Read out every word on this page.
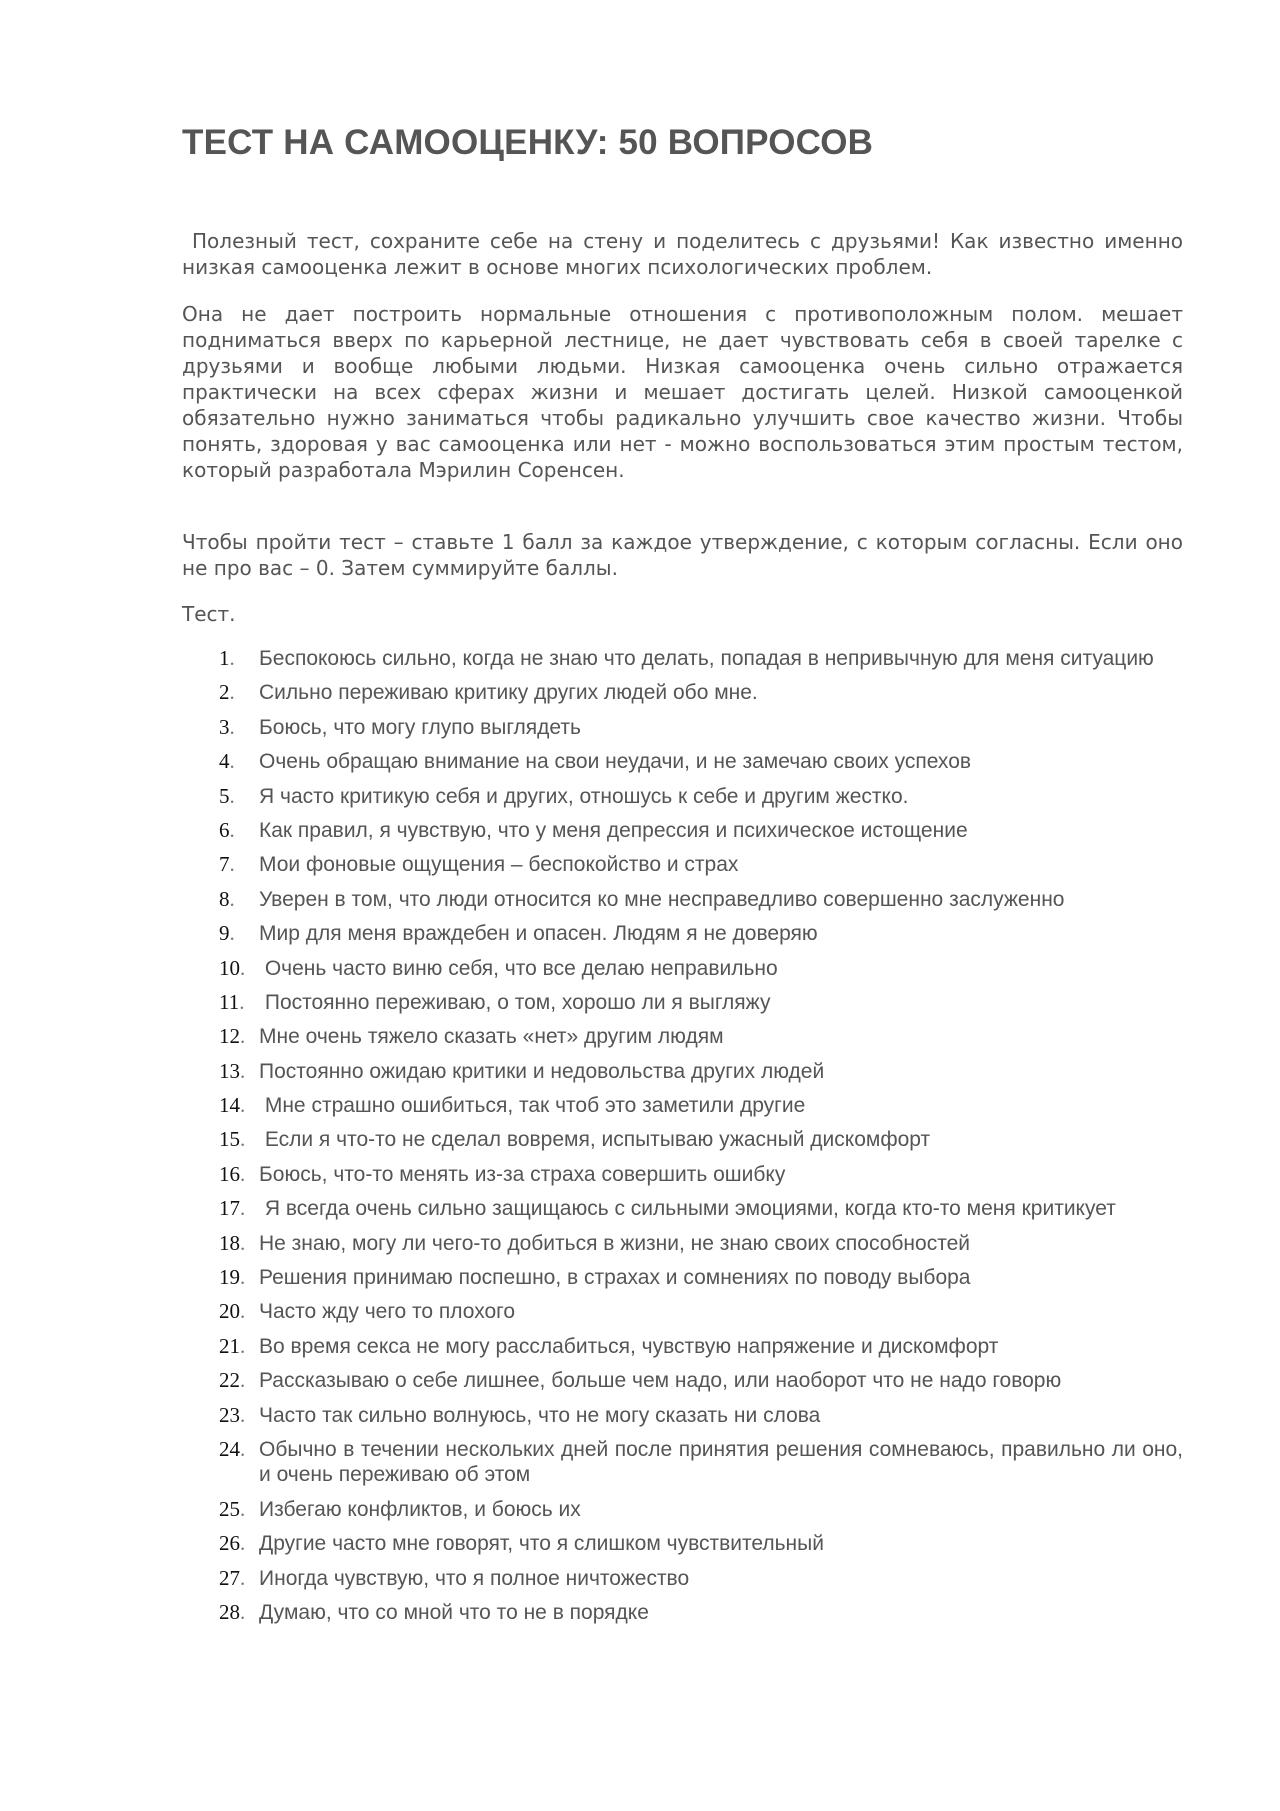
ТЕСТ НА САМООЦЕНКУ: 50 ВОПРОСОВ

Полезный тест, сохраните себе на стену и поделитесь с друзьями! Как известно именно низкая самооценка лежит в основе многих психологических проблем.

Она не дает построить нормальные отношения с противоположным полом. мешает подниматься вверх по карьерной лестнице, не дает чувствовать себя в своей тарелке с друзьями и вообще любыми людьми. Низкая самооценка очень сильно отражается практически на всех сферах жизни и мешает достигать целей. Низкой самооценкой обязательно нужно заниматься чтобы радикально улучшить свое качество жизни. Чтобы понять, здоровая у вас самооценка или нет - можно воспользоваться этим простым тестом, который разработала Мэрилин Соренсен.

Чтобы пройти тест – ставьте 1 балл за каждое утверждение, с которым согласны. Если оно не про вас – 0. Затем суммируйте баллы.

Тест.

1. Беспокоюсь сильно, когда не знаю что делать, попадая в непривычную для меня ситуацию
2. Сильно переживаю критику других людей обо мне.
3. Боюсь, что могу глупо выглядеть
4. Очень обращаю внимание на свои неудачи, и не замечаю своих успехов
5. Я часто критикую себя и других, отношусь к себе и другим жестко.
6. Как правил, я чувствую, что у меня депрессия и психическое истощение
7. Мои фоновые ощущения – беспокойство и страх
8. Уверен в том, что люди относится ко мне несправедливо совершенно заслуженно
9. Мир для меня враждебен и опасен. Людям я не доверяю
10. Очень часто виню себя, что все делаю неправильно
11. Постоянно переживаю, о том, хорошо ли я выгляжу
12. Мне очень тяжело сказать «нет» другим людям
13. Постоянно ожидаю критики и недовольства других людей
14. Мне страшно ошибиться, так чтоб это заметили другие
15. Если я что-то не сделал вовремя, испытываю ужасный дискомфорт
16. Боюсь, что-то менять из-за страха совершить ошибку
17. Я всегда очень сильно защищаюсь с сильными эмоциями, когда кто-то меня критикует
18. Не знаю, могу ли чего-то добиться в жизни, не знаю своих способностей
19. Решения принимаю поспешно, в страхах и сомнениях по поводу выбора
20. Часто жду чего то плохого
21. Во время секса не могу расслабиться, чувствую напряжение и дискомфорт
22. Рассказываю о себе лишнее, больше чем надо, или наоборот что не надо говорю
23. Часто так сильно волнуюсь, что не могу сказать ни слова
24. Обычно в течении нескольких дней после принятия решения сомневаюсь, правильно ли оно, и очень переживаю об этом
25. Избегаю конфликтов, и боюсь их
26. Другие часто мне говорят, что я слишком чувствительный
27. Иногда чувствую, что я полное ничтожество
28. Думаю, что со мной что то не в порядке
